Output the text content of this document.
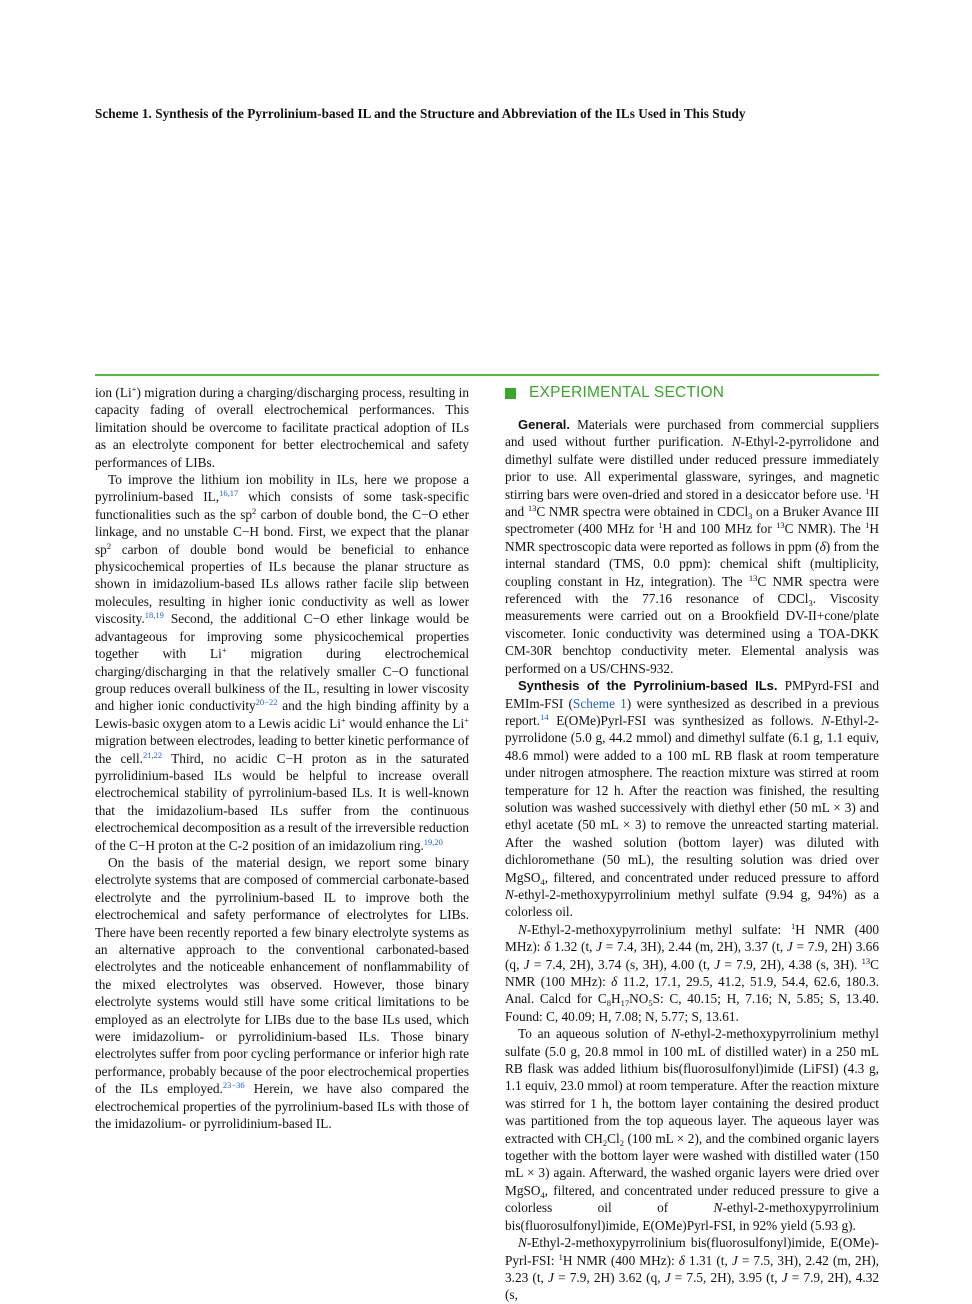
Scheme 1. Synthesis of the Pyrrolinium-based IL and the Structure and Abbreviation of the ILs Used in This Study

ion (Li+) migration during a charging/discharging process, resulting in capacity fading of overall electrochemical performances. This limitation should be overcome to facilitate practical adoption of ILs as an electrolyte component for better electrochemical and safety performances of LIBs.

To improve the lithium ion mobility in ILs, here we propose a pyrrolinium-based IL,$^{16,17}$ which consists of some task-specific functionalities such as the $sp^2$ carbon of double bond, the C−O ether linkage, and no unstable C−H bond. First, we expect that the planar $sp^2$ carbon of double bond would be beneficial to enhance physicochemical properties of ILs because the planar structure as shown in imidazolium-based ILs allows rather facile slip between molecules, resulting in higher ionic conductivity as well as lower viscosity.$^{18,19}$ Second, the additional C−O ether linkage would be advantageous for improving some physicochemical properties together with Li+ migration during electrochemical charging/discharging in that the relatively smaller C−O functional group reduces overall bulkiness of the IL, resulting in lower viscosity and higher ionic conductivity$^{20-22}$ and the high binding affinity by a Lewis-basic oxygen atom to a Lewis acidic Li+ would enhance the Li+ migration between electrodes, leading to better kinetic performance of the cell.$^{21,22}$ Third, no acidic C−H proton as in the saturated pyrrolidinium-based ILs would be helpful to increase overall electrochemical stability of pyrrolinium-based ILs. It is well-known that the imidazolium-based ILs suffer from the continuous electrochemical decomposition as a result of the irreversible reduction of the C−H proton at the C-2 position of an imidazolium ring.$^{19,20}$

On the basis of the material design, we report some binary electrolyte systems that are composed of commercial carbonate-based electrolyte and the pyrrolinium-based IL to improve both the electrochemical and safety performance of electrolytes for LIBs. There have been recently reported a few binary electrolyte systems as an alternative approach to the conventional carbonated-based electrolytes and the noticeable enhancement of nonflammability of the mixed electrolytes was observed. However, those binary electrolyte systems would still have some critical limitations to be employed as an electrolyte for LIBs due to the base ILs used, which were imidazolium- or pyrrolidinium-based ILs. Those binary electrolytes suffer from poor cycling performance or inferior high rate performance, probably because of the poor electrochemical properties of the ILs employed.$^{23-36}$ Herein, we have also compared the electrochemical properties of the pyrrolinium-based ILs with those of the imidazolium- or pyrrolidinium-based IL.

EXPERIMENTAL SECTION

General. Materials were purchased from commercial suppliers and used without further purification. N-Ethyl-2-pyrrolidone and dimethyl sulfate were distilled under reduced pressure immediately prior to use. All experimental glassware, syringes, and magnetic stirring bars were oven-dried and stored in a desiccator before use. $^1$H and $^{13}$C NMR spectra were obtained in CDCl$_3$ on a Bruker Avance III spectrometer (400 MHz for $^1$H and 100 MHz for $^{13}$C NMR). The $^1$H NMR spectroscopic data were reported as follows in ppm (δ) from the internal standard (TMS, 0.0 ppm): chemical shift (multiplicity, coupling constant in Hz, integration). The $^{13}$C NMR spectra were referenced with the 77.16 resonance of CDCl$_3$. Viscosity measurements were carried out on a Brookfield DV-II+cone/plate viscometer. Ionic conductivity was determined using a TOA-DKK CM-30R benchtop conductivity meter. Elemental analysis was performed on a US/CHNS-932.

Synthesis of the Pyrrolinium-based ILs. PMPyrd-FSI and EMIm-FSI (Scheme 1) were synthesized as described in a previous report.$^{14}$ E(OMe)Pyrl-FSI was synthesized as follows. N-Ethyl-2-pyrrolidone (5.0 g, 44.2 mmol) and dimethyl sulfate (6.1 g, 1.1 equiv, 48.6 mmol) were added to a 100 mL RB flask at room temperature under nitrogen atmosphere. The reaction mixture was stirred at room temperature for 12 h. After the reaction was finished, the resulting solution was washed successively with diethyl ether (50 mL × 3) and ethyl acetate (50 mL × 3) to remove the unreacted starting material. After the washed solution (bottom layer) was diluted with dichloromethane (50 mL), the resulting solution was dried over MgSO$_4$, filtered, and concentrated under reduced pressure to afford N-ethyl-2-methoxypyrrolinium methyl sulfate (9.94 g, 94%) as a colorless oil.

N-Ethyl-2-methoxypyrrolinium methyl sulfate: $^1$H NMR (400 MHz): δ 1.32 (t, J = 7.4, 3H), 2.44 (m, 2H), 3.37 (t, J = 7.9, 2H) 3.66 (q, J = 7.4, 2H), 3.74 (s, 3H), 4.00 (t, J = 7.9, 2H), 4.38 (s, 3H). $^{13}$C NMR (100 MHz): δ 11.2, 17.1, 29.5, 41.2, 51.9, 54.4, 62.6, 180.3. Anal. Calcd for $C_8H_{17}NO_5S$: C, 40.15; H, 7.16; N, 5.85; S, 13.40. Found: C, 40.09; H, 7.08; N, 5.77; S, 13.61.

To an aqueous solution of N-ethyl-2-methoxypyrrolinium methyl sulfate (5.0 g, 20.8 mmol in 100 mL of distilled water) in a 250 mL RB flask was added lithium bis(fluorosulfonyl)imide (LiFSI) (4.3 g, 1.1 equiv, 23.0 mmol) at room temperature. After the reaction mixture was stirred for 1 h, the bottom layer containing the desired product was partitioned from the top aqueous layer. The aqueous layer was extracted with $CH_2Cl_2$ (100 mL × 2), and the combined organic layers together with the bottom layer were washed with distilled water (150 mL × 3) again. Afterward, the washed organic layers were dried over MgSO$_4$, filtered, and concentrated under reduced pressure to give a colorless oil of N-ethyl-2-methoxypyrrolinium bis(fluorosulfonyl)imide, E(OMe)Pyrl-FSI, in 92% yield (5.93 g).

N-Ethyl-2-methoxypyrrolinium bis(fluorosulfonyl)imide, E(OMe)-Pyrl-FSI: $^1$H NMR (400 MHz): δ 1.31 (t, J = 7.5, 3H), 2.42 (m, 2H), 3.23 (t, J = 7.9, 2H) 3.62 (q, J = 7.5, 2H), 3.95 (t, J = 7.9, 2H), 4.32 (s,
